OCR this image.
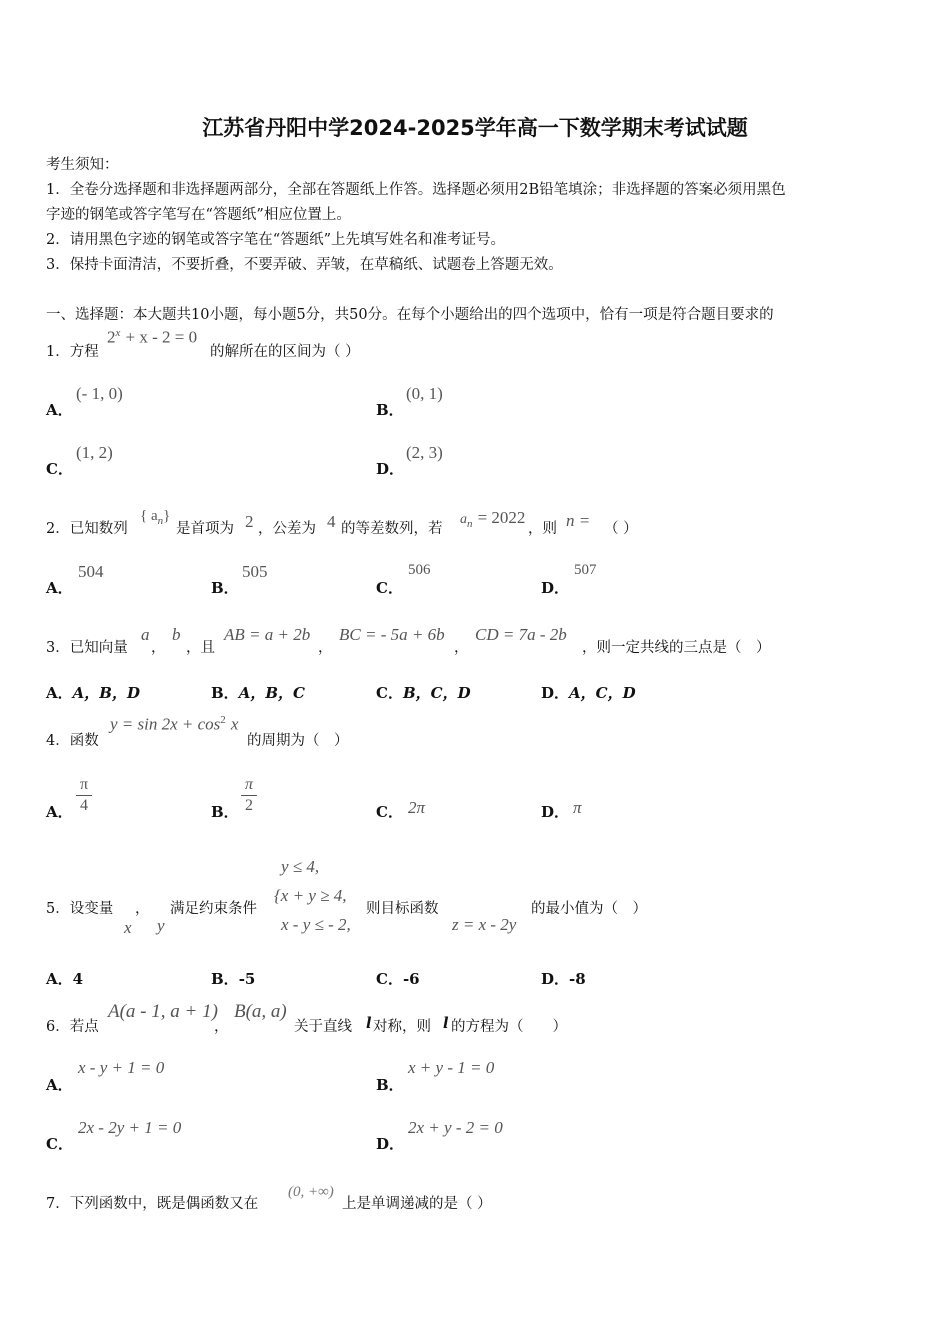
江苏省丹阳中学2024-2025学年高一下数学期末考试试题
考生须知：
1．全卷分选择题和非选择题两部分，全部在答题纸上作答。选择题必须用2B铅笔填涂；非选择题的答案必须用黑色
字迹的钢笔或答字笔写在“答题纸”相应位置上。
2．请用黑色字迹的钢笔或答字笔在“答题纸”上先填写姓名和准考证号。
3．保持卡面清洁，不要折叠，不要弄破、弄皱，在草稿纸、试题卷上答题无效。
一、选择题：本大题共10小题，每小题5分，共50分。在每个小题给出的四个选项中，恰有一项是符合题目要求的
1．方程
$2^x + x - 2 = 0$
的解所在的区间为（ ）
A．
(- 1, 0)
B．
(0, 1)
C．
(1, 2)
D．
(2, 3)
2．已知数列
{ $a_n$}
是首项为 2 ，公差为 4 的等差数列，若
$a_n = 2022$
，则 n = （ ）
A．
504
B．
505
C．
506
D．
507
3．已知向量
a
，
b
，且
AB = a + 2b
，
BC = - 5a + 6b
，
CD = 7a - 2b
，则一定共线的三点是（　）
A．A，B，D	B．A，B，C	C．B，C，D	D．A，C，D
4．函数
$y = \sin 2x + \cos^2 x$
的周期为（　）
A．
π
4	B．
π
2	C． 2π	D． π
5．设变量 ，
x y
满足约束条件
y ≤ 4,
{x + y ≥ 4,
x - y ≤ - 2,
则目标函数
z = x - 2y
的最小值为（　）
A．4	B．-5	C．-6	D．-8
6．若点
A(a - 1, a + 1)
，
B(a, a)
关于直线 l 对称，则 l 的方程为（　　）
A．
x - y + 1 = 0
B．
x + y - 1 = 0
C．
2x - 2y + 1 = 0
D．
2x + y - 2 = 0
7．下列函数中，既是偶函数又在
(0, +∞)
上是单调递减的是（ ）
